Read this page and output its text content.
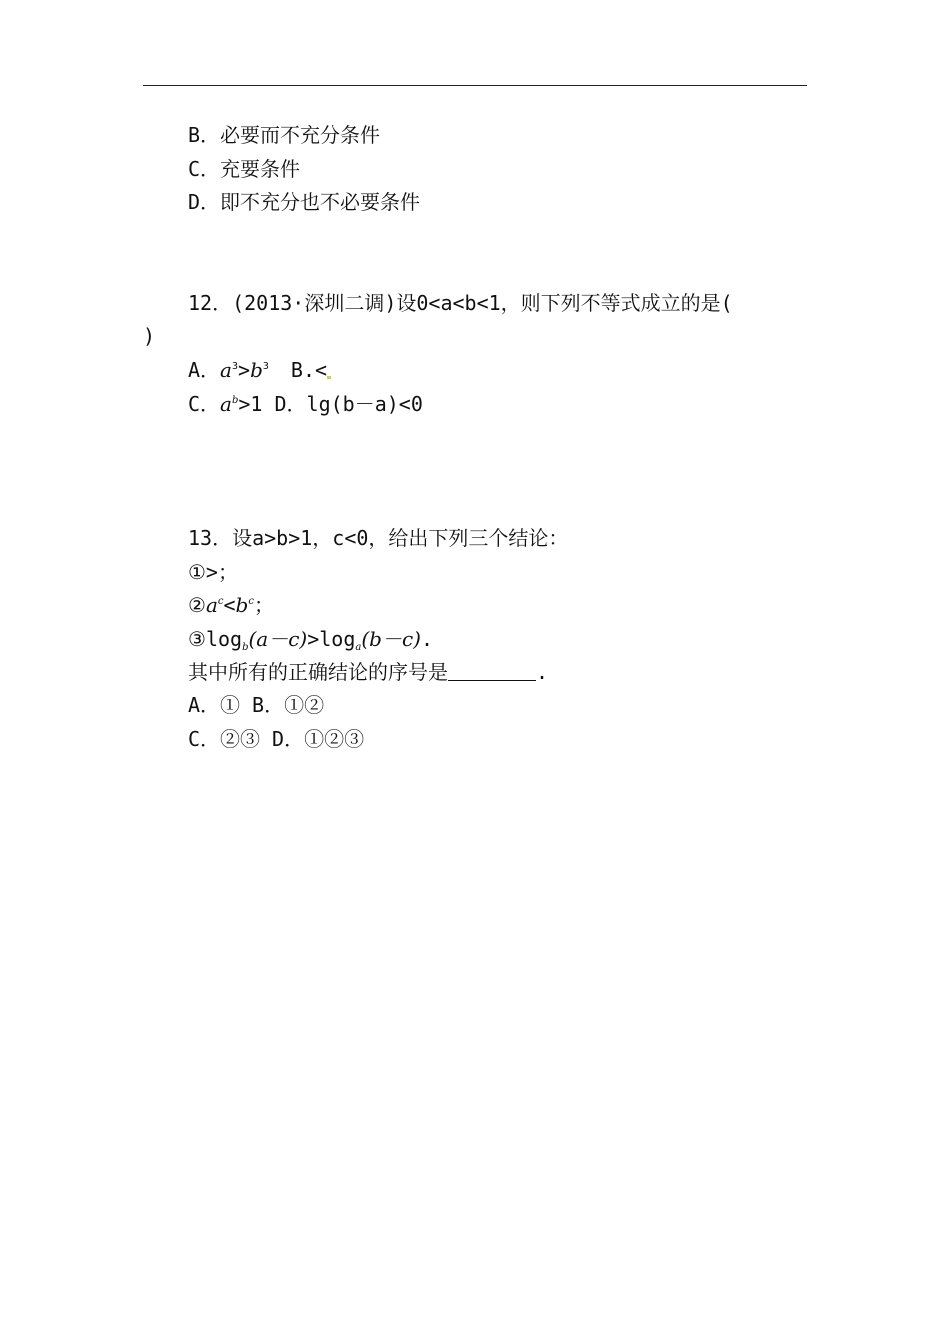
B．必要而不充分条件
C．充要条件
D．即不充分也不必要条件
12．(2013·深圳二调)设0<a<b<1，则下列不等式成立的是(
)
A．$a^3>b^3$ B.<
C．$a^b>1$ D．lg(b－a)<0
13．设a>b>1，c<0，给出下列三个结论：
①>；
$②a^c<b^c$；
$③\log_b(a-c)>\log_a(b-c)$.
其中所有的正确结论的序号是	.
A．① B．①②
C．②③ D．①②③
